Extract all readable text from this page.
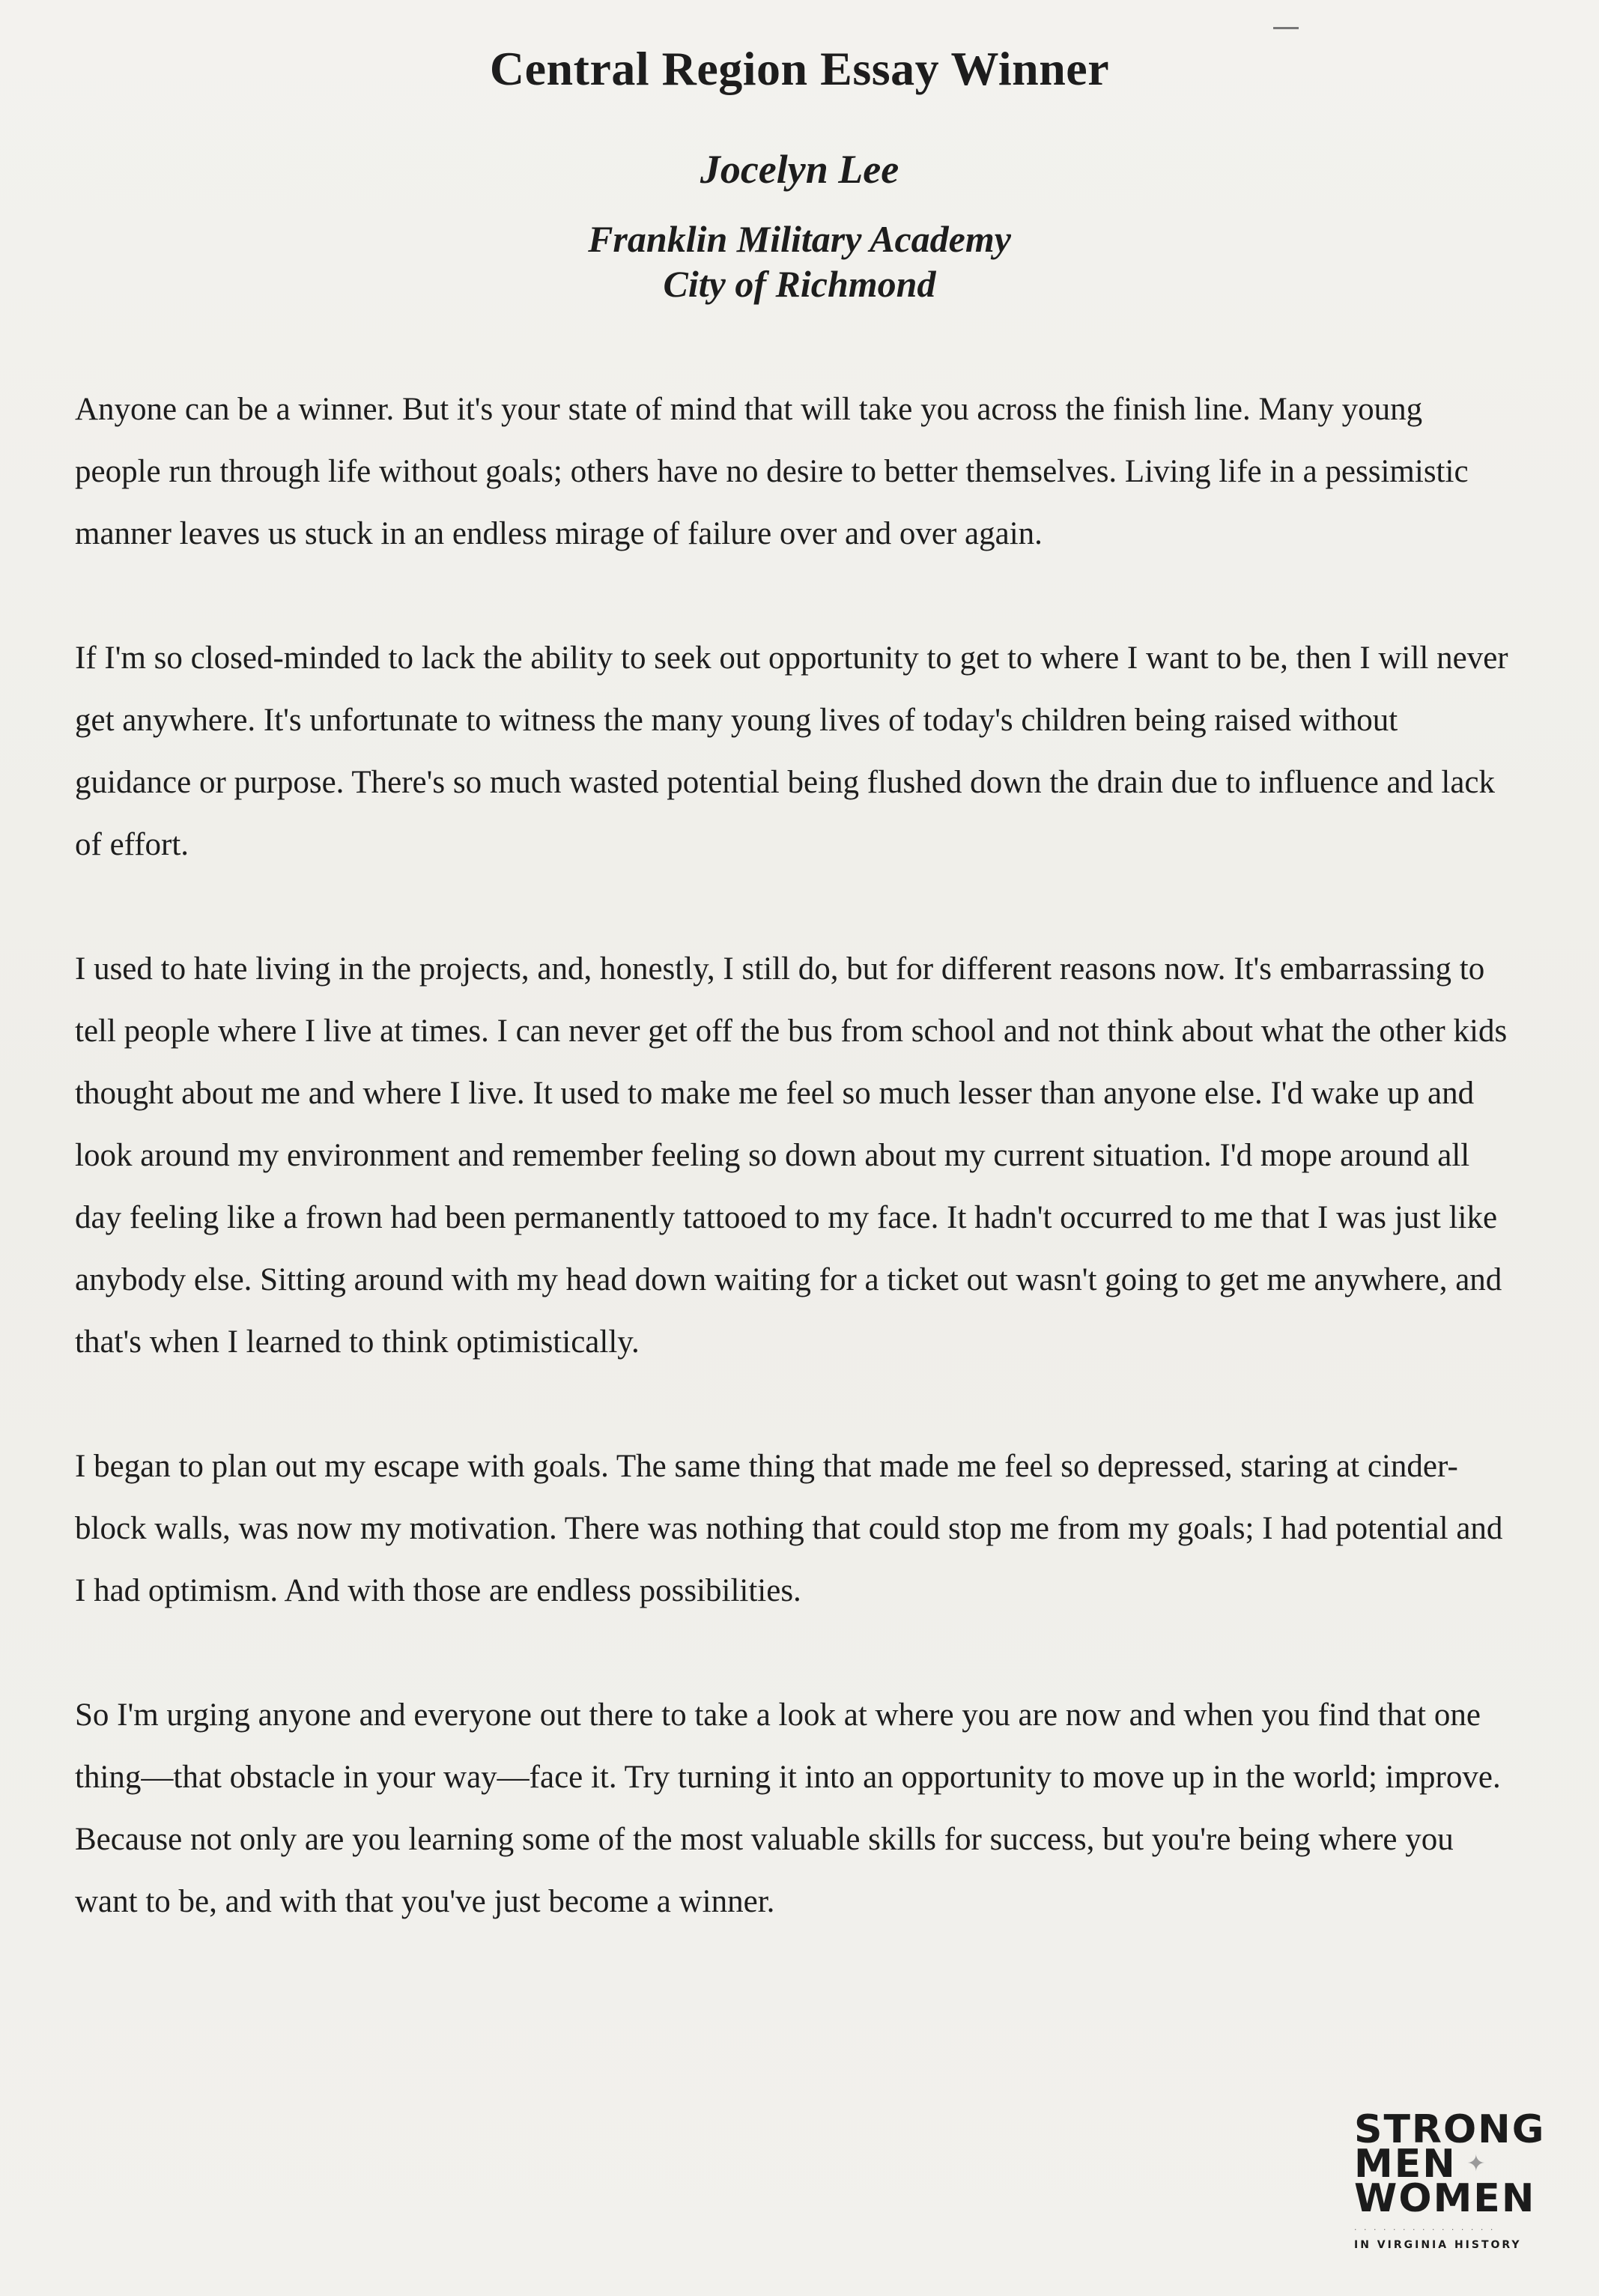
Central Region Essay Winner
Jocelyn Lee
Franklin Military Academy
City of Richmond

Anyone can be a winner. But it's your state of mind that will take you across the finish line. Many young people run through life without goals; others have no desire to better themselves. Living life in a pessimistic manner leaves us stuck in an endless mirage of failure over and over again.

If I'm so closed-minded to lack the ability to seek out opportunity to get to where I want to be, then I will never get anywhere. It's unfortunate to witness the many young lives of today's children being raised without guidance or purpose. There's so much wasted potential being flushed down the drain due to influence and lack of effort.

I used to hate living in the projects, and, honestly, I still do, but for different reasons now. It's embarrassing to tell people where I live at times. I can never get off the bus from school and not think about what the other kids thought about me and where I live. It used to make me feel so much lesser than anyone else. I'd wake up and look around my environment and remember feeling so down about my current situation. I'd mope around all day feeling like a frown had been permanently tattooed to my face. It hadn't occurred to me that I was just like anybody else. Sitting around with my head down waiting for a ticket out wasn't going to get me anywhere, and that's when I learned to think optimistically.

I began to plan out my escape with goals. The same thing that made me feel so depressed, staring at cinder-block walls, was now my motivation. There was nothing that could stop me from my goals; I had potential and I had optimism. And with those are endless possibilities.

So I'm urging anyone and everyone out there to take a look at where you are now and when you find that one thing—that obstacle in your way—face it. Try turning it into an opportunity to move up in the world; improve. Because not only are you learning some of the most valuable skills for success, but you're being where you want to be, and with that you've just become a winner.

STRONG
MEN ✦
WOMEN
· · · · · · · · · · · · · · ·
IN VIRGINIA HISTORY
